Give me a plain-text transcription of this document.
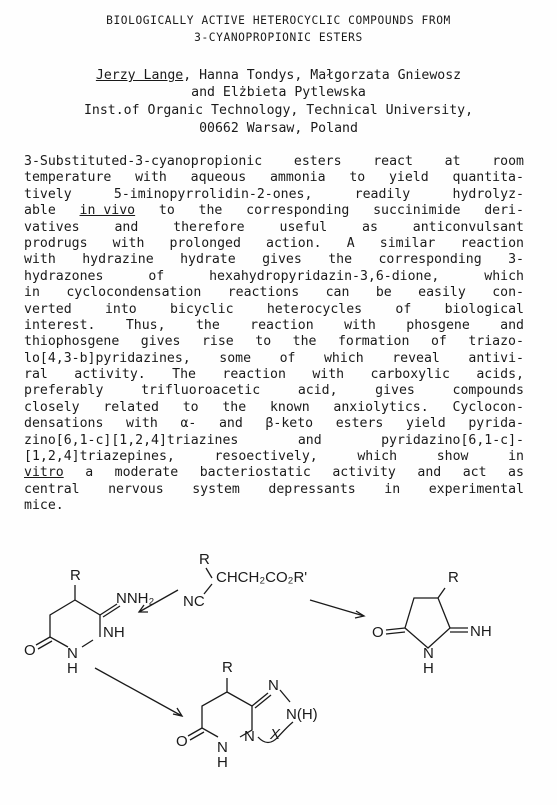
BIOLOGICALLY ACTIVE HETEROCYCLIC COMPOUNDS FROM
3-CYANOPROPIONIC ESTERS
Jerzy Lange, Hanna Tondys, Małgorzata Gniewosz
and Elżbieta Pytlewska
Inst.of Organic Technology, Technical University,
00662 Warsaw, Poland
3-Substituted-3-cyanopropionic esters react at room
temperature with aqueous ammonia to yield quantita-
tively	5-iminopyrrolidin-2-ones,	readily	hydrolyz-
able in vivo to the corresponding succinimide deri-
vatives	and	therefore	useful	as	anticonvulsant
prodrugs with prolonged action. A similar reaction
with hydrazine hydrate gives the corresponding 3-
hydrazones	of	hexahydropyridazin-3,6-dione,	which
in cyclocondensation reactions can be easily con-
verted	into	bicyclic	heterocycles	of	biological
interest. Thus, the reaction with phosgene and
thiophosgene gives rise to the formation of triazo-
lo[4,3-b]pyridazines, some of which reveal antivi-
ral activity. The reaction with carboxylic acids,
preferably	trifluoroacetic	acid,	gives	compounds
closely related to the known anxiolytics. Cyclocon-
densations with α- and β-keto esters yield pyrida-
zino[6,1-c][1,2,4]triazines	and	pyridazino[6,1-c]-
[1,2,4]triazepines,	resoectively,	which	show	in
vitro a moderate bacteriostatic activity and act as
central nervous system depressants in experimental
mice.
R
CHCH₂CO₂R'
NC
R
NNH₂
NH
N
H
O
R
NH
O
N
H
R
N
N(H)
X
N
N
H
O
